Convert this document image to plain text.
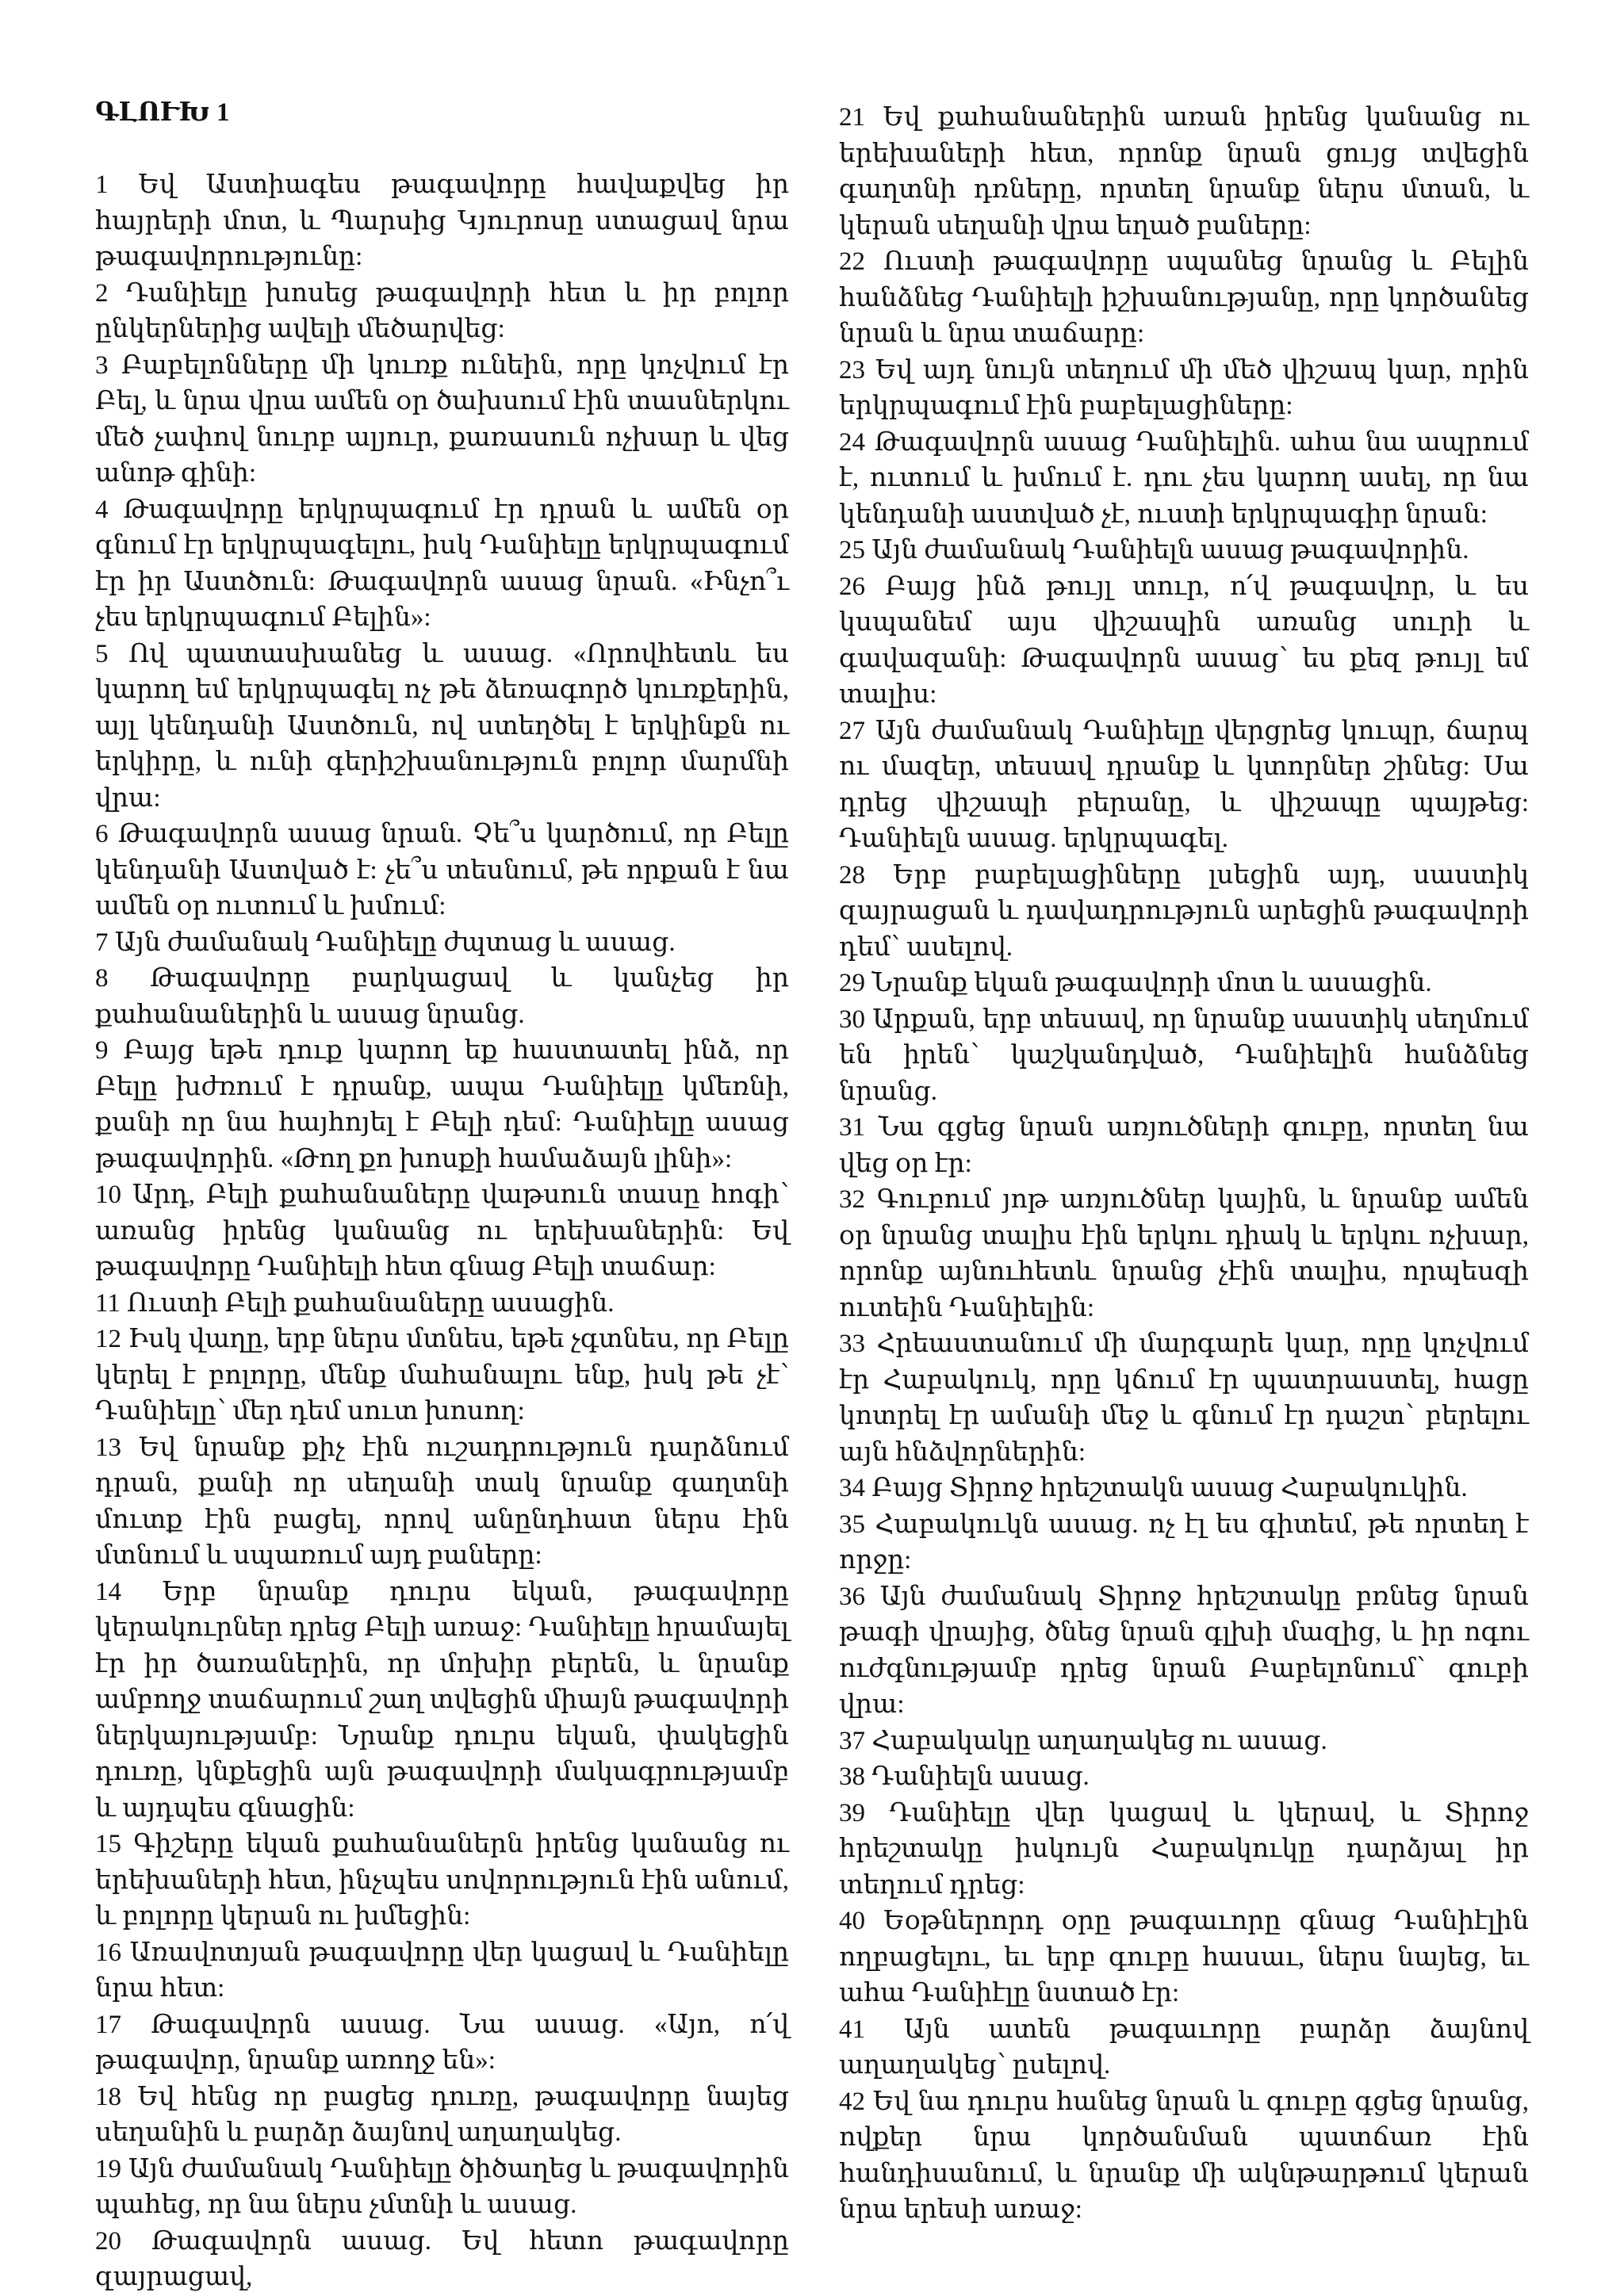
ԳԼՈՒԽ 1

1 Եվ Աստիագես թագավորը հավաքվեց իր հայրերի մոտ, և Պարսից Կյուրոսը ստացավ նրա թագավորությունը:

2 Դանիելը խոսեց թագավորի հետ և իր բոլոր ընկերներից ավելի մեծարվեց:

3 Բաբելոնները մի կուռք ունեին, որը կոչվում էր Բել, և նրա վրա ամեն օր ծախսում էին տասներկու մեծ չափով նուրբ ալյուր, քառասուն ոչխար և վեց անոթ գինի:

4 Թագավորը երկրպագում էր դրան և ամեն օր գնում էր երկրպագելու, իսկ Դանիելը երկրպագում էր իր Աստծուն: Թագավորն ասաց նրան. «Ինչո՞ւ չես երկրպագում Բելին»:

5 Ով պատասխանեց և ասաց. «Որովհետև ես կարող եմ երկրպագել ոչ թե ձեռագործ կուռքերին, այլ կենդանի Աստծուն, ով ստեղծել է երկինքն ու երկիրը, և ունի գերիշխանություն բոլոր մարմնի վրա:

6 Թագավորն ասաց նրան. Չե՞ս կարծում, որ Բելը կենդանի Աստված է: չե՞ս տեսնում, թե որքան է նա ամեն օր ուտում և խմում:

7 Այն ժամանակ Դանիելը ժպտաց և ասաց.

8 Թագավորը բարկացավ և կանչեց իր քահանաներին և ասաց նրանց.

9 Բայց եթե դուք կարող եք հաստատել ինձ, որ Բելը խժռում է դրանք, ապա Դանիելը կմեռնի, քանի որ նա հայհոյել է Բելի դեմ: Դանիելը ասաց թագավորին. «Թող քո խոսքի համաձայն լինի»:

10 Արդ, Բելի քահանաները վաթսուն տասը հոգի՝ առանց իրենց կանանց ու երեխաներին: Եվ թագավորը Դանիելի հետ գնաց Բելի տաճար:

11 Ուստի Բելի քահանաները ասացին.

12 Իսկ վաղը, երբ ներս մտնես, եթե չգտնես, որ Բելը կերել է բոլորը, մենք մահանալու ենք, իսկ թե չէ՝ Դանիելը՝ մեր դեմ սուտ խոսող:

13 Եվ նրանք քիչ էին ուշադրություն դարձնում դրան, քանի որ սեղանի տակ նրանք գաղտնի մուտք էին բացել, որով անընդհատ ներս էին մտնում և սպառում այդ բաները:

14 Երբ նրանք դուրս եկան, թագավորը կերակուրներ դրեց Բելի առաջ: Դանիելը հրամայել էր իր ծառաներին, որ մոխիր բերեն, և նրանք ամբողջ տաճարում շաղ տվեցին միայն թագավորի ներկայությամբ: Նրանք դուրս եկան, փակեցին դուռը, կնքեցին այն թագավորի մակագրությամբ և այդպես գնացին:

15 Գիշերը եկան քահանաներն իրենց կանանց ու երեխաների հետ, ինչպես սովորություն էին անում, և բոլորը կերան ու խմեցին:

16 Առավոտյան թագավորը վեր կացավ և Դանիելը նրա հետ:

17 Թագավորն ասաց. Նա ասաց. «Այո, ո՛վ թագավոր, նրանք առողջ են»:

18 Եվ հենց որ բացեց դուռը, թագավորը նայեց սեղանին և բարձր ձայնով աղաղակեց.

19 Այն ժամանակ Դանիելը ծիծաղեց և թագավորին պահեց, որ նա ներս չմտնի և ասաց.

20 Թագավորն ասաց. Եվ հետո թագավորը զայրացավ,

21 Եվ քահանաներին առան իրենց կանանց ու երեխաների հետ, որոնք նրան ցույց տվեցին գաղտնի դռները, որտեղ նրանք ներս մտան, և կերան սեղանի վրա եղած բաները:

22 Ուստի թագավորը սպանեց նրանց և Բելին հանձնեց Դանիելի իշխանությանը, որը կործանեց նրան և նրա տաճարը:

23 Եվ այդ նույն տեղում մի մեծ վիշապ կար, որին երկրպագում էին բաբելացիները:

24 Թագավորն ասաց Դանիելին. ահա նա ապրում է, ուտում և խմում է. դու չես կարող ասել, որ նա կենդանի աստված չէ, ուստի երկրպագիր նրան:

25 Այն ժամանակ Դանիելն ասաց թագավորին.

26 Բայց ինձ թույլ տուր, ո՛վ թագավոր, և ես կսպանեմ այս վիշապին առանց սուրի և գավազանի: Թագավորն ասաց՝ ես քեզ թույլ եմ տալիս:

27 Այն ժամանակ Դանիելը վերցրեց կուպր, ճարպ ու մազեր, տեսավ դրանք և կտորներ շինեց: Սա դրեց վիշապի բերանը, և վիշապը պայթեց: Դանիելն ասաց. երկրպագել.

28 Երբ բաբելացիները լսեցին այդ, սաստիկ զայրացան և դավադրություն արեցին թագավորի դեմ՝ ասելով.

29 Նրանք եկան թագավորի մոտ և ասացին.

30 Արքան, երբ տեսավ, որ նրանք սաստիկ սեղմում են իրեն՝ կաշկանդված, Դանիելին հանձնեց նրանց.

31 Նա գցեց նրան առյուծների գուբը, որտեղ նա վեց օր էր:

32 Գուբում յոթ առյուծներ կային, և նրանք ամեն օր նրանց տալիս էին երկու դիակ և երկու ոչխար, որոնք այնուհետև նրանց չէին տալիս, որպեսզի ուտեին Դանիելին:

33 Հրեաստանում մի մարգարե կար, որը կոչվում էր Հաբակուկ, որը կճում էր պատրաստել, հացը կոտրել էր ամանի մեջ և գնում էր դաշտ՝ բերելու այն հնձվորներին:

34 Բայց Տիրոջ հրեշտակն ասաց Հաբակուկին.

35 Հաբակուկն ասաց. ոչ էլ ես գիտեմ, թե որտեղ է որջը:

36 Այն ժամանակ Տիրոջ հրեշտակը բռնեց նրան թագի վրայից, ծնեց նրան գլխի մազից, և իր ոգու ուժգնությամբ դրեց նրան Բաբելոնում՝ գուբի վրա:

37 Հաբակակը աղաղակեց ու ասաց.

38 Դանիելն ասաց.

39 Դանիելը վեր կացավ և կերավ, և Տիրոջ հրեշտակը իսկույն Հաբակուկը դարձյալ իր տեղում դրեց:

40 Եօթներորդ օրը թագաւորը գնաց Դանիէլին ողբացելու, եւ երբ գուբը հասաւ, ներս նայեց, եւ ահա Դանիէլը նստած էր:

41 Այն ատեն թագաւորը բարձր ձայնով աղաղակեց՝ ըսելով.

42 Եվ նա դուրս հանեց նրան և գուբը գցեց նրանց, ովքեր նրա կործանման պատճառ էին հանդիսանում, և նրանք մի ակնթարթում կերան նրա երեսի առաջ:
